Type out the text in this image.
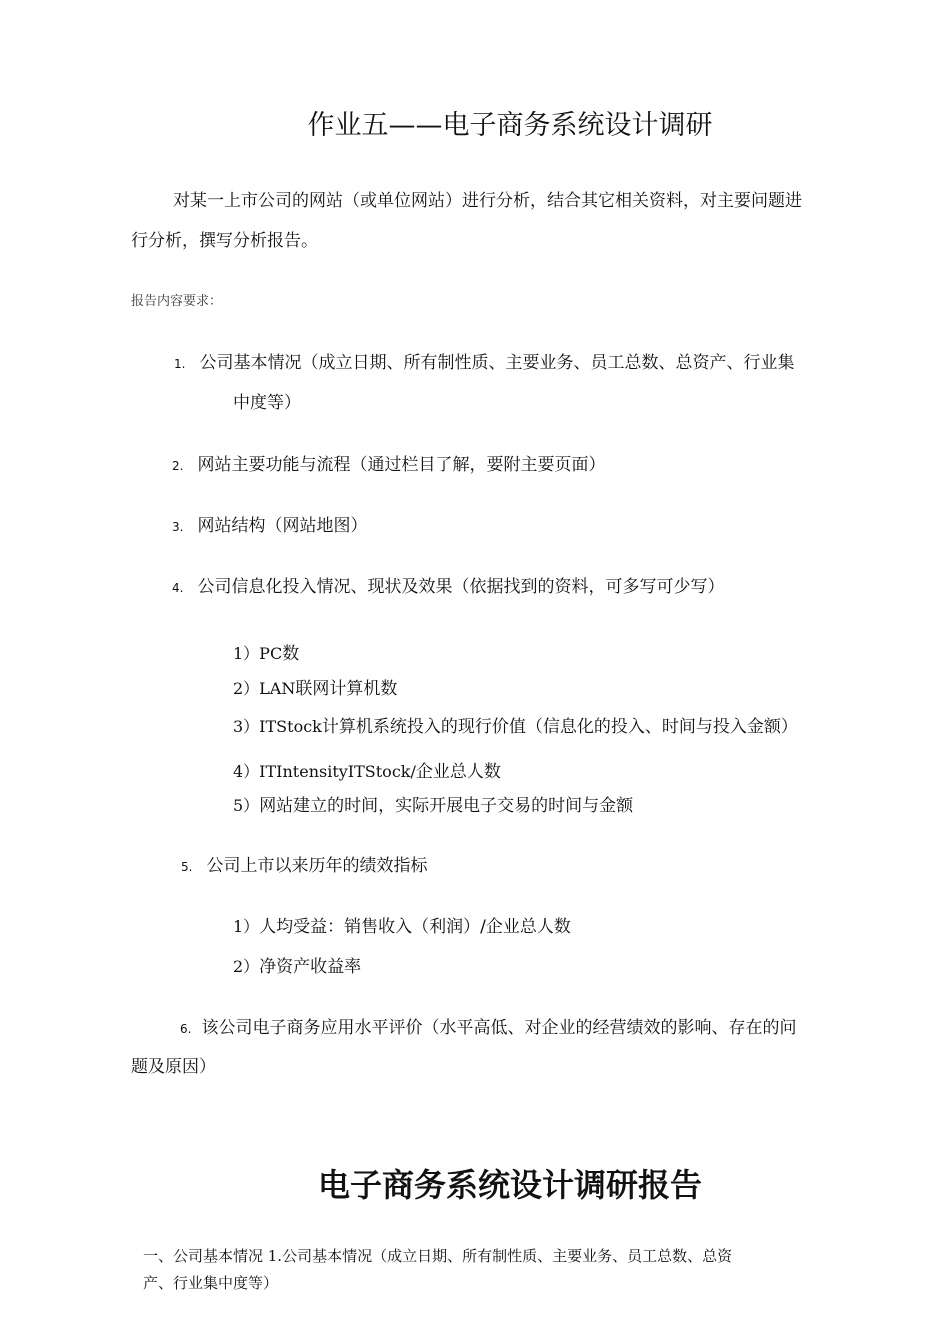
作业五——电子商务系统设计调研
对某一上市公司的网站（或单位网站）进行分析，结合其它相关资料，对主要问题进
行分析，撰写分析报告。
报告内容要求：
1. 公司基本情况（成立日期、所有制性质、主要业务、员工总数、总资产、行业集
中度等）
2. 网站主要功能与流程（通过栏目了解，要附主要页面）
3. 网站结构（网站地图）
4. 公司信息化投入情况、现状及效果（依据找到的资料，可多写可少写）
1）PC数
2）LAN联网计算机数
3）ITStock计算机系统投入的现行价值（信息化的投入、时间与投入金额）
4）ITIntensityITStock/企业总人数
5）网站建立的时间，实际开展电子交易的时间与金额
5. 公司上市以来历年的绩效指标
1）人均受益：销售收入（利润）/企业总人数
2）净资产收益率
6. 该公司电子商务应用水平评价（水平高低、对企业的经营绩效的影响、存在的问
题及原因）
电子商务系统设计调研报告
一、公司基本情况 1.公司基本情况（成立日期、所有制性质、主要业务、员工总数、总资
产、行业集中度等）
